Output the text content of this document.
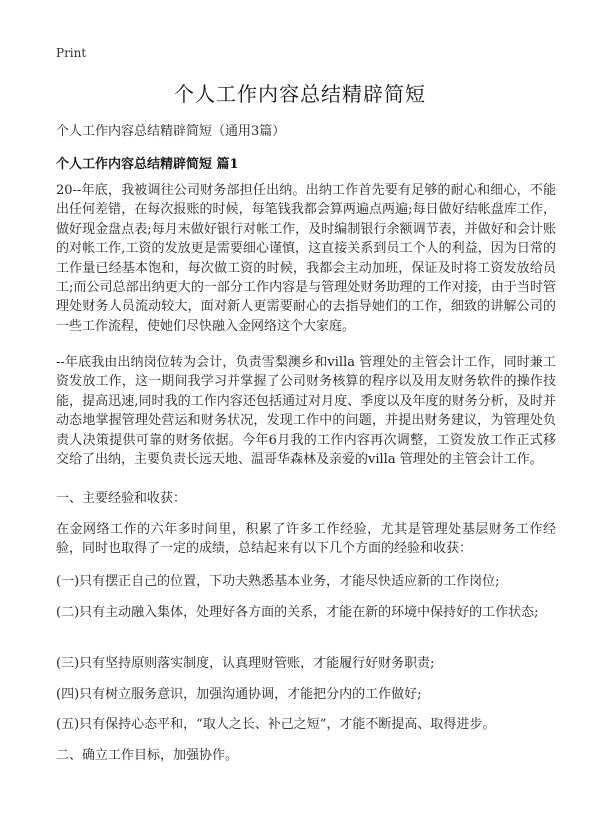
Print
个人工作内容总结精辟简短
个人工作内容总结精辟简短（通用3篇）
个人工作内容总结精辟简短 篇1

20--年底，我被调往公司财务部担任出纳。出纳工作首先要有足够的耐心和细心，不能出任何差错，在每次报账的时候，每笔钱我都会算两遍点两遍;每日做好结帐盘库工作，做好现金盘点表;每月末做好银行对帐工作，及时编制银行余额调节表，并做好和会计账的对帐工作,工资的发放更是需要细心谨慎，这直接关系到员工个人的利益，因为日常的工作量已经基本饱和，每次做工资的时候，我都会主动加班，保证及时将工资发放给员工;而公司总部出纳更大的一部分工作内容是与管理处财务助理的工作对接，由于当时管理处财务人员流动较大，面对新人更需要耐心的去指导她们的工作，细致的讲解公司的一些工作流程，使她们尽快融入金网络这个大家庭。

--年底我由出纳岗位转为会计，负责雪梨澳乡和villa 管理处的主管会计工作，同时兼工资发放工作，这一期间我学习并掌握了公司财务核算的程序以及用友财务软件的操作技能，提高迅速,同时我的工作内容还包括通过对月度、季度以及年度的财务分析，及时并动态地掌握管理处营运和财务状况，发现工作中的问题，并提出财务建议，为管理处负责人决策提供可靠的财务依据。今年6月我的工作内容再次调整，工资发放工作正式移交给了出纳，主要负责长远天地、温哥华森林及亲爱的villa 管理处的主管会计工作。

一、主要经验和收获：

在金网络工作的六年多时间里，积累了许多工作经验，尤其是管理处基层财务工作经验，同时也取得了一定的成绩，总结起来有以下几个方面的经验和收获：

(一)只有摆正自己的位置，下功夫熟悉基本业务，才能尽快适应新的工作岗位;

(二)只有主动融入集体，处理好各方面的关系，才能在新的环境中保持好的工作状态;

(三)只有坚持原则落实制度，认真理财管账，才能履行好财务职责;

(四)只有树立服务意识，加强沟通协调，才能把分内的工作做好;

(五)只有保持心态平和，“取人之长、补己之短”，才能不断提高、取得进步。

二、确立工作目标，加强协作。
